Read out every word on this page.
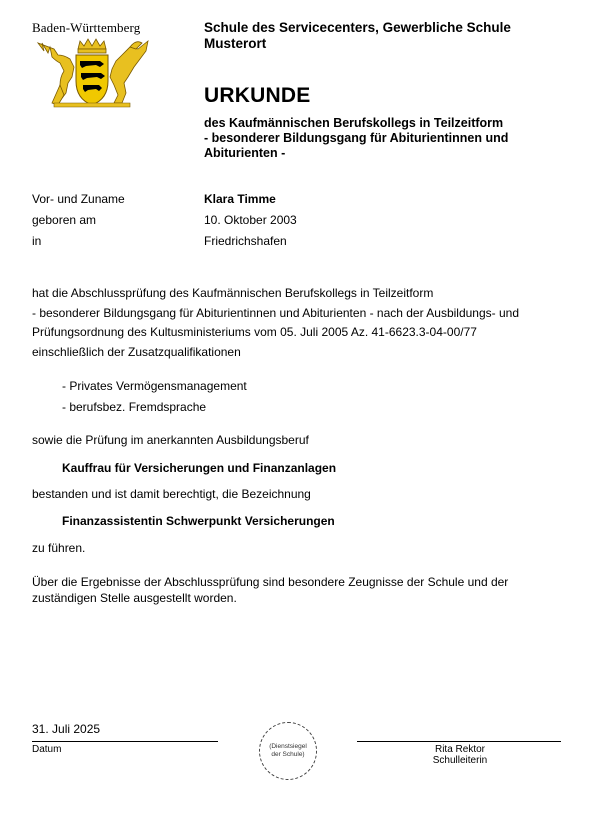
Baden-Württemberg	Schule des Servicecenters, Gewerbliche Schule
Musterort
URKUNDE
des Kaufmännischen Berufskollegs in Teilzeitform
- besonderer Bildungsgang für Abiturientinnen und
Abiturienten -
Vor- und Zuname	Klara Timme
geboren am	10. Oktober 2003
in	Friedrichshafen
hat die Abschlussprüfung des Kaufmännischen Berufskollegs in Teilzeitform
- besonderer Bildungsgang für Abiturientinnen und Abiturienten - nach der Ausbildungs- und
Prüfungsordnung des Kultusministeriums vom 05. Juli 2005 Az. 41-6623.3-04-00/77
einschließlich der Zusatzqualifikationen
- Privates Vermögensmanagement
- berufsbez. Fremdsprache
sowie die Prüfung im anerkannten Ausbildungsberuf
Kauffrau für Versicherungen und Finanzanlagen
bestanden und ist damit berechtigt, die Bezeichnung
Finanzassistentin Schwerpunkt Versicherungen
zu führen.
Über die Ergebnisse der Abschlussprüfung sind besondere Zeugnisse der Schule und der
zuständigen Stelle ausgestellt worden.
31. Juli 2025
Datum	(Dienstsiegel
der Schule)	Rita Rektor
Schulleiterin
